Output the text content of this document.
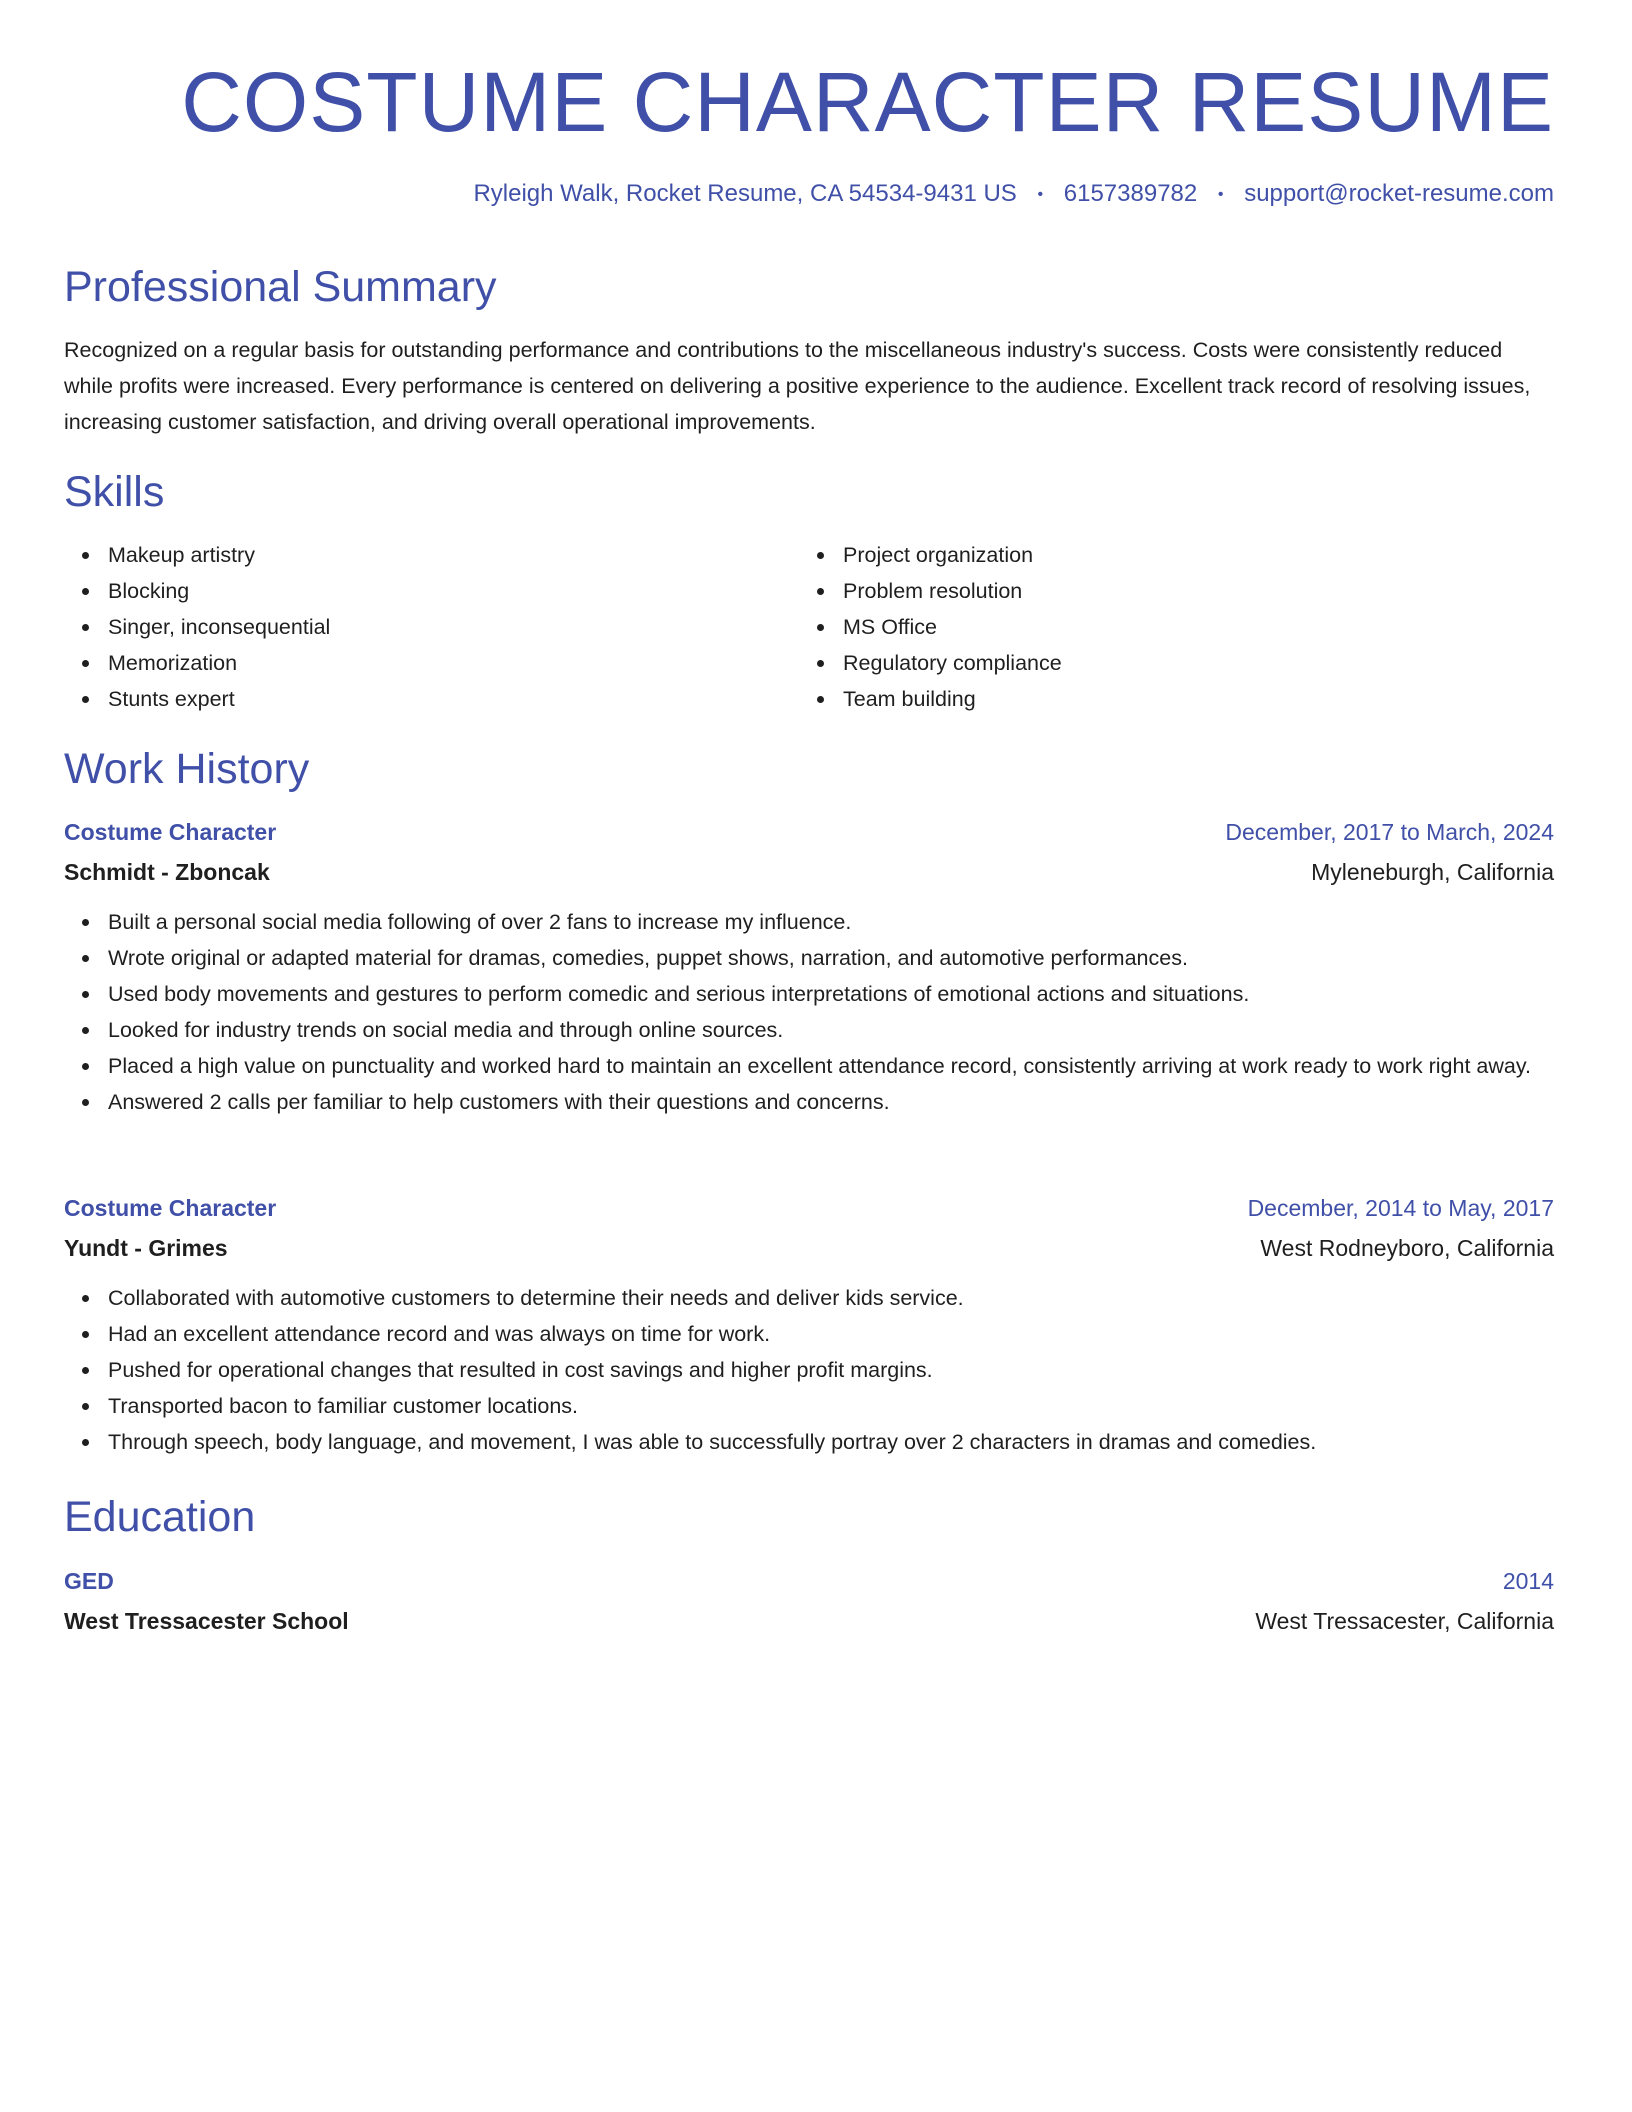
COSTUME CHARACTER RESUME
Ryleigh Walk, Rocket Resume, CA 54534-9431 US • 6157389782 • support@rocket-resume.com
Professional Summary

Recognized on a regular basis for outstanding performance and contributions to the miscellaneous industry's success. Costs were consistently reduced while profits were increased. Every performance is centered on delivering a positive experience to the audience. Excellent track record of resolving issues, increasing customer satisfaction, and driving overall operational improvements.

Skills
Makeup artistry
Blocking
Singer, inconsequential
Memorization
Stunts expert
Project organization
Problem resolution
MS Office
Regulatory compliance
Team building
Work History
Costume Character	December, 2017 to March, 2024
Schmidt - Zboncak	Myleneburgh, California
Built a personal social media following of over 2 fans to increase my influence.
Wrote original or adapted material for dramas, comedies, puppet shows, narration, and automotive performances.
Used body movements and gestures to perform comedic and serious interpretations of emotional actions and situations.
Looked for industry trends on social media and through online sources.
Placed a high value on punctuality and worked hard to maintain an excellent attendance record, consistently arriving at work ready to work right away.
Answered 2 calls per familiar to help customers with their questions and concerns.
Costume Character	December, 2014 to May, 2017
Yundt - Grimes	West Rodneyboro, California
Collaborated with automotive customers to determine their needs and deliver kids service.
Had an excellent attendance record and was always on time for work.
Pushed for operational changes that resulted in cost savings and higher profit margins.
Transported bacon to familiar customer locations.
Through speech, body language, and movement, I was able to successfully portray over 2 characters in dramas and comedies.
Education
GED	2014
West Tressacester School	West Tressacester, California
